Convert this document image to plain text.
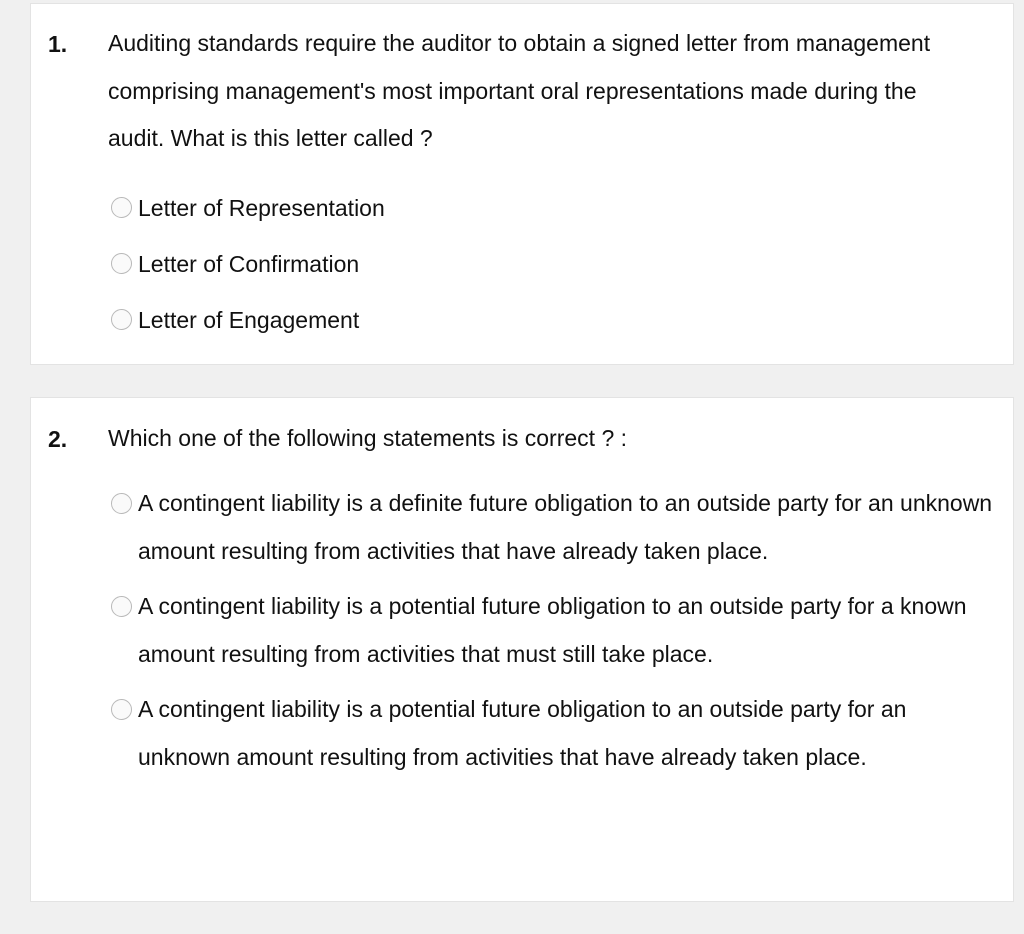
1. Auditing standards require the auditor to obtain a signed letter from management comprising management's most important oral representations made during the audit. What is this letter called ?
Letter of Representation
Letter of Confirmation
Letter of Engagement
2. Which one of the following statements is correct ? :
A contingent liability is a definite future obligation to an outside party for an unknown amount resulting from activities that have already taken place.
A contingent liability is a potential future obligation to an outside party for a known amount resulting from activities that must still take place.
A contingent liability is a potential future obligation to an outside party for an unknown amount resulting from activities that have already taken place.
